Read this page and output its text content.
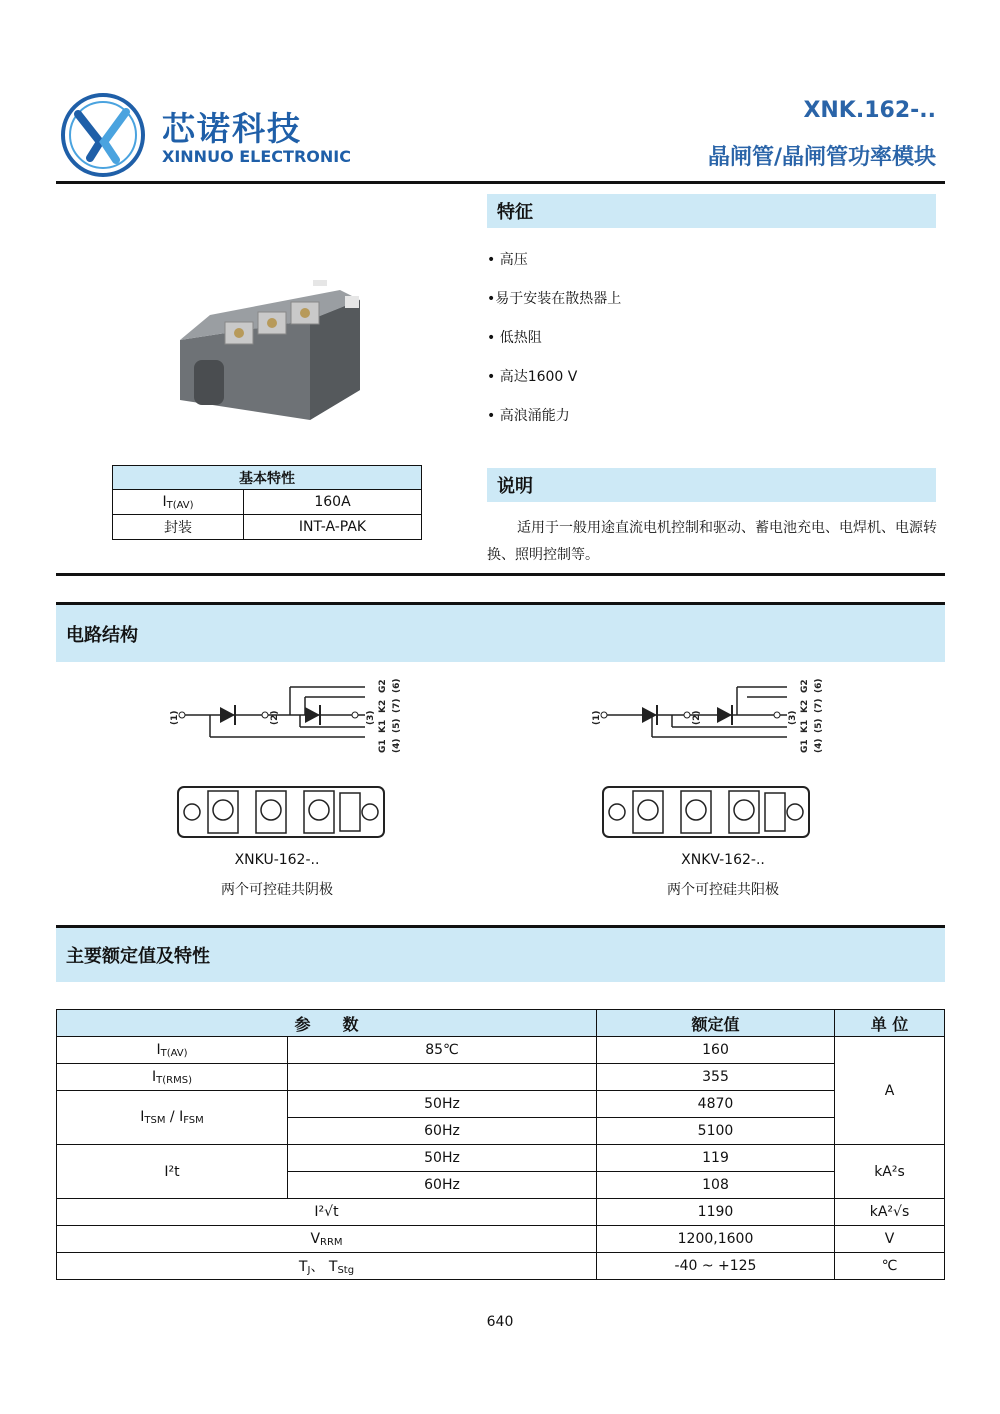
芯诺科技
XINNUO ELECTRONIC
XNK.162-..
晶闸管/晶闸管功率模块
特征
• 高压
•易于安装在散热器上
• 低热阻
• 高达1600 V
• 高浪涌能力
基本特性	
$I_{T(AV)}$	160A
封装	INT-A-PAK
说明
适用于一般用途直流电机控制和驱动、蓄电池充电、电焊机、电源转换、照明控制等。
电路结构
(1)	(2)	(3)
G1
K1
K2
G2
(4)
(5)
(7)
(6)
(1)	(2)	(3)
G1
K1
K2
G2
(4)
(5)
(7)
(6)
XNKU-162-..
两个可控硅共阴极
XNKV-162-..
两个可控硅共阳极
主要额定值及特性
参　　数		额定值	单 位
$I_{T(AV)}$	85℃	160	A
$I_{T(RMS)}$		355	
$I_{TSM} / I_{FSM}$	50Hz	4870	
	60Hz	5100	
I²t	50Hz	119	kA²s
	60Hz	108	
I²√t		1190	kA²√s
$V_{RRM}$		1200,1600	V
$T_J$、 $T_{Stg}$		-40 ~ +125	℃
640
